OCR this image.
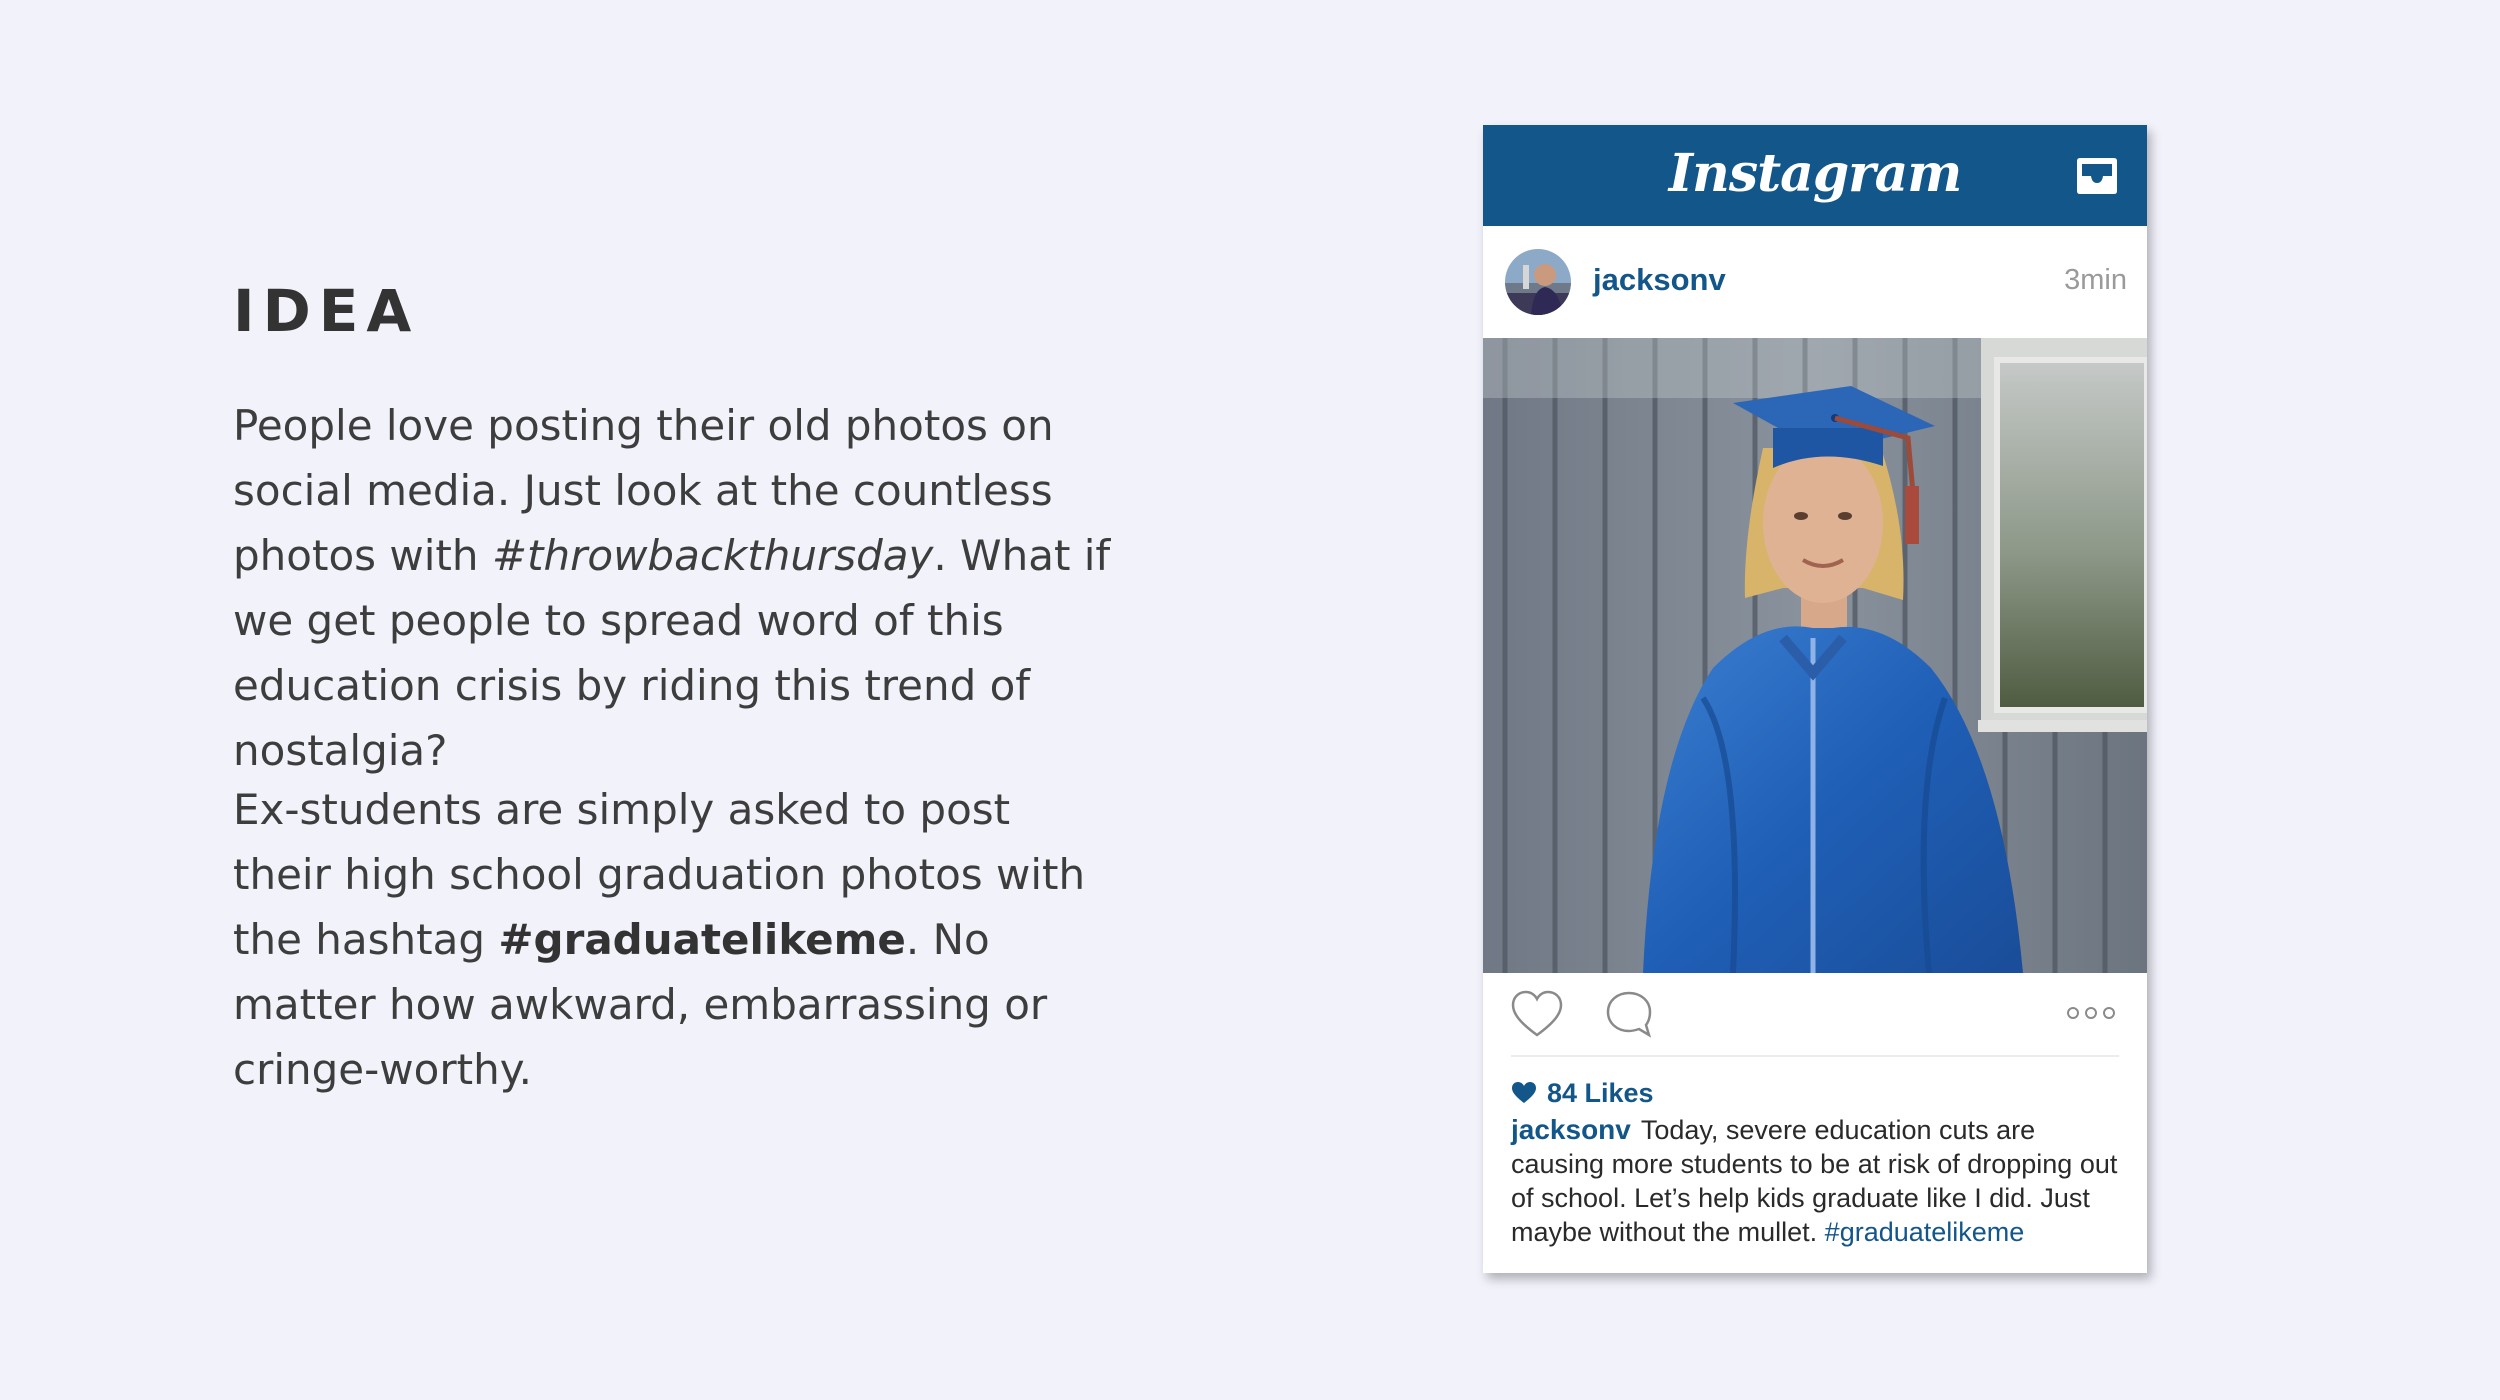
IDEA

People love posting their old photos on social media. Just look at the countless photos with #throwbackthursday. What if we get people to spread word of this education crisis by riding this trend of nostalgia?

Ex-students are simply asked to post their high school graduation photos with the hashtag #graduatelikeme. No matter how awkward, embarrassing or cringe-worthy.

Instagram
jacksonv	3min
84 Likes

jacksonv Today, severe education cuts are causing more students to be at risk of dropping out of school. Let’s help kids graduate like I did. Just maybe without the mullet. #graduatelikeme
